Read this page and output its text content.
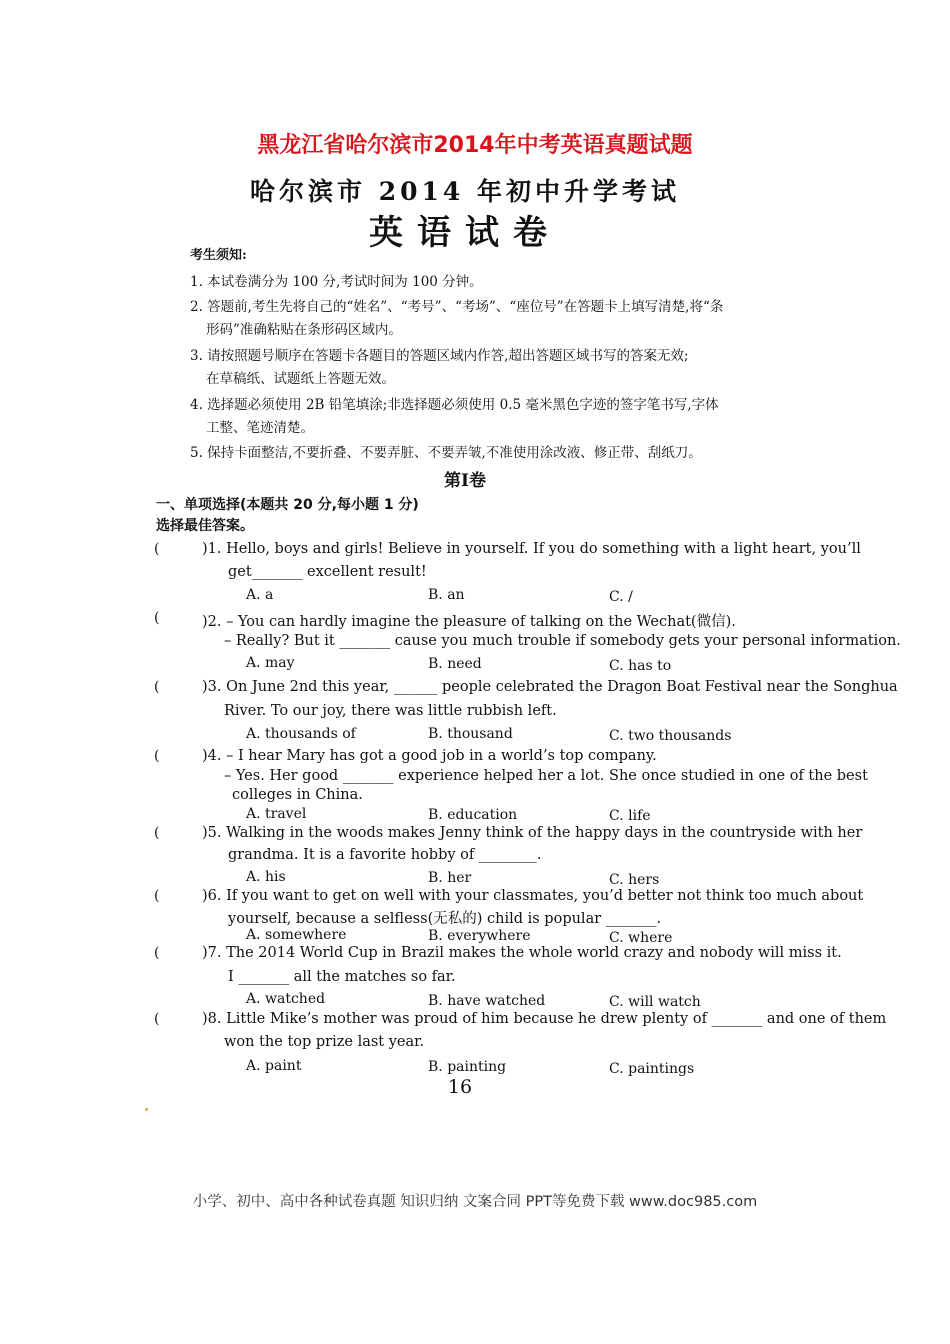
黑龙江省哈尔滨市2014年中考英语真题试题
哈尔滨市 2014 年初中升学考试
英语试卷
考生须知:
1. 本试卷满分为 100 分,考试时间为 100 分钟。
2. 答题前,考生先将自己的“姓名”、“考号”、“考场”、“座位号”在答题卡上填写清楚,将“条
形码”准确粘贴在条形码区域内。
3. 请按照题号顺序在答题卡各题目的答题区域内作答,超出答题区域书写的答案无效;
在草稿纸、试题纸上答题无效。
4. 选择题必须使用 2B 铅笔填涂;非选择题必须使用 0.5 毫米黑色字迹的签字笔书写,字体
工整、笔迹清楚。
5. 保持卡面整洁,不要折叠、不要弄脏、不要弄皱,不准使用涂改液、修正带、刮纸刀。
第Ⅰ卷
一、单项选择(本题共 20 分,每小题 1 分)
选择最佳答案。
(	)1. Hello, boys and girls! Believe in yourself. If you do something with a light heart, you’ll
get_______ excellent result!
A. a	B. an	C. /
(	)2. – You can hardly imagine the pleasure of talking on the Wechat(微信).
– Really? But it _______ cause you much trouble if somebody gets your personal information.
A. may	B. need	C. has to
(	)3. On June 2nd this year, ______ people celebrated the Dragon Boat Festival near the Songhua
River. To our joy, there was little rubbish left.
A. thousands of	B. thousand	C. two thousands
(	)4. – I hear Mary has got a good job in a world’s top company.
– Yes. Her good _______ experience helped her a lot. She once studied in one of the best
colleges in China.
A. travel	B. education	C. life
(	)5. Walking in the woods makes Jenny think of the happy days in the countryside with her
grandma. It is a favorite hobby of ________.
A. his	B. her	C. hers
(	)6. If you want to get on well with your classmates, you’d better not think too much about
yourself, because a selfless(无私的) child is popular _______.
A. somewhere	B. everywhere	C. where
(	)7. The 2014 World Cup in Brazil makes the whole world crazy and nobody will miss it.
I _______ all the matches so far.
A. watched	B. have watched	C. will watch
(	)8. Little Mike’s mother was proud of him because he drew plenty of _______ and one of them
won the top prize last year.
A. paint	B. painting	C. paintings
16
小学、初中、高中各种试卷真题 知识归纳 文案合同 PPT等免费下载 www.doc985.com
